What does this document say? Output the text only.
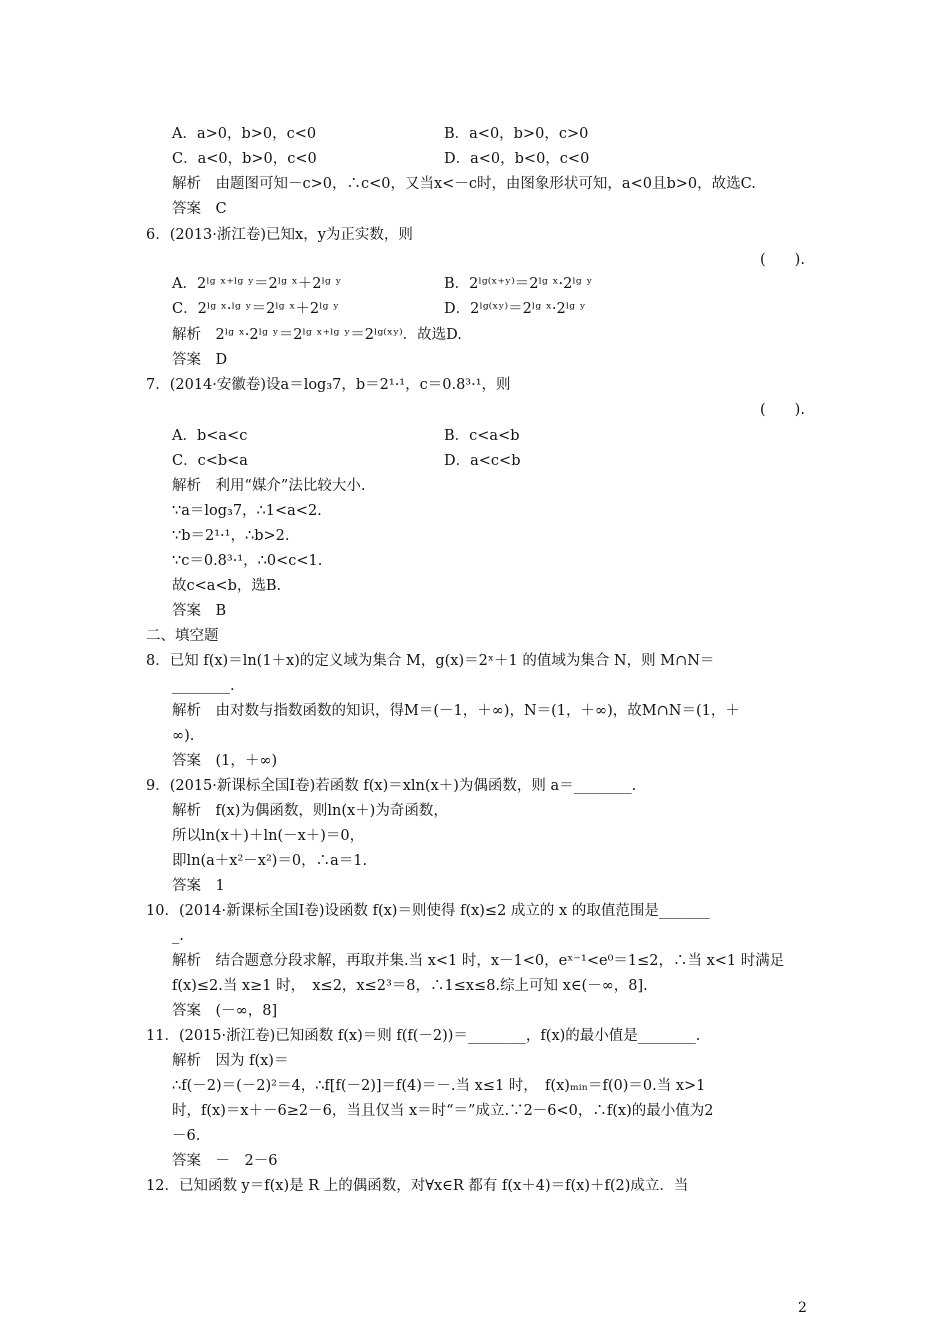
A．a>0，b>0，c<0	B．a<0，b>0，c>0
C．a<0，b>0，c<0	D．a<0，b<0，c<0
解析　由题图可知－c>0，∴c<0，又当x<－c时，由图象形状可知，a<0且b>0，故选C.
答案　C
6．(2013·浙江卷)已知x，y为正实数，则
(　　).
A．2ˡᵍ ˣ⁺ˡᵍ ʸ＝2ˡᵍ ˣ＋2ˡᵍ ʸ	B．2ˡᵍ⁽ˣ⁺ʸ⁾＝2ˡᵍ ˣ·2ˡᵍ ʸ
C．2ˡᵍ ˣ·ˡᵍ ʸ＝2ˡᵍ ˣ＋2ˡᵍ ʸ	D．2ˡᵍ⁽ˣʸ⁾＝2ˡᵍ ˣ·2ˡᵍ ʸ
解析　2ˡᵍ ˣ·2ˡᵍ ʸ＝2ˡᵍ ˣ⁺ˡᵍ ʸ＝2ˡᵍ⁽ˣʸ⁾．故选D.
答案　D
7．(2014·安徽卷)设a＝log₃7，b＝2¹·¹，c＝0.8³·¹，则
(　　).
A．b<a<c	B．c<a<b
C．c<b<a	D．a<c<b
解析　利用“媒介”法比较大小.
∵a＝log₃7，∴1<a<2.
∵b＝2¹·¹，∴b>2.
∵c＝0.8³·¹，∴0<c<1.
故c<a<b，选B.
答案　B
二、填空题
8．已知 f(x)＝ln(1＋x)的定义域为集合 M，g(x)＝2ˣ＋1 的值域为集合 N，则 M∩N＝
________.
解析　由对数与指数函数的知识，得M＝(－1，＋∞)，N＝(1，＋∞)，故M∩N＝(1，＋
∞).
答案　(1，＋∞)
9．(2015·新课标全国Ⅰ卷)若函数 f(x)＝xln(x＋)为偶函数，则 a＝________.
解析　f(x)为偶函数，则ln(x＋)为奇函数，
所以ln(x＋)＋ln(－x＋)＝0，
即ln(a＋x²－x²)＝0，∴a＝1.
答案　1
10．(2014·新课标全国Ⅰ卷)设函数 f(x)＝则使得 f(x)≤2 成立的 x 的取值范围是_______
_.
解析　结合题意分段求解，再取并集.当 x<1 时，x－1<0，eˣ⁻¹<e⁰＝1≤2，∴当 x<1 时满足
f(x)≤2.当 x≥1 时，　x≤2，x≤2³＝8，∴1≤x≤8.综上可知 x∈(－∞，8].
答案　(－∞，8]
11．(2015·浙江卷)已知函数 f(x)＝则 f(f(－2))＝________，f(x)的最小值是________.
解析　因为 f(x)＝
∴f(－2)＝(－2)²＝4，∴f[f(－2)]＝f(4)＝－.当 x≤1 时，　f(x)ₘᵢₙ＝f(0)＝0.当 x>1
时，f(x)＝x＋－6≥2－6，当且仅当 x＝时“＝”成立.∵2－6<0，∴f(x)的最小值为2
－6.
答案　－　2－6
12．已知函数 y＝f(x)是 R 上的偶函数，对∀x∈R 都有 f(x＋4)＝f(x)＋f(2)成立．当
2
